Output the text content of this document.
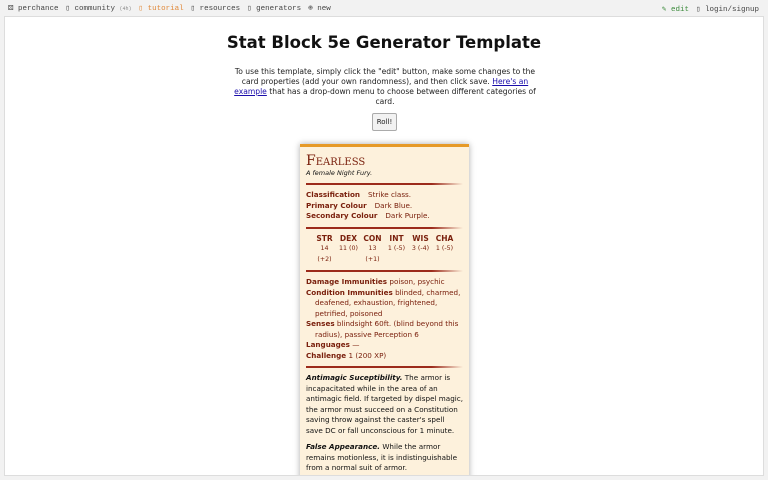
⚄ perchance ▯ community (4h) ▯ tutorial ▯ resources ▯ generators ⊕ new	✎ edit ▯ login/signup
Stat Block 5e Generator Template

To use this template, simply click the "edit" button, make some changes to the card properties (add your own randomness), and then click save. Here's an example that has a drop-down menu to choose between different categories of card.

Roll!
Fearless
A female Night Fury.
Classification Strike class.
Primary Colour Dark Blue.
Secondary Colour Dark Purple.
STR
14 (+2)
DEX
11 (0)
CON
13 (+1)
INT
1 (-5)
WIS
3 (-4)
CHA
1 (-5)
Damage Immunities poison, psychic
Condition Immunities blinded, charmed, deafened, exhaustion, frightened, petrified, poisoned
Senses blindsight 60ft. (blind beyond this radius), passive Perception 6
Languages —
Challenge 1 (200 XP)

Antimagic Suceptibility. The armor is incapacitated while in the area of an antimagic field. If targeted by dispel magic, the armor must succeed on a Constitution saving throw against the caster's spell save DC or fall unconscious for 1 minute.

False Appearance. While the armor remains motionless, it is indistinguishable from a normal suit of armor.
